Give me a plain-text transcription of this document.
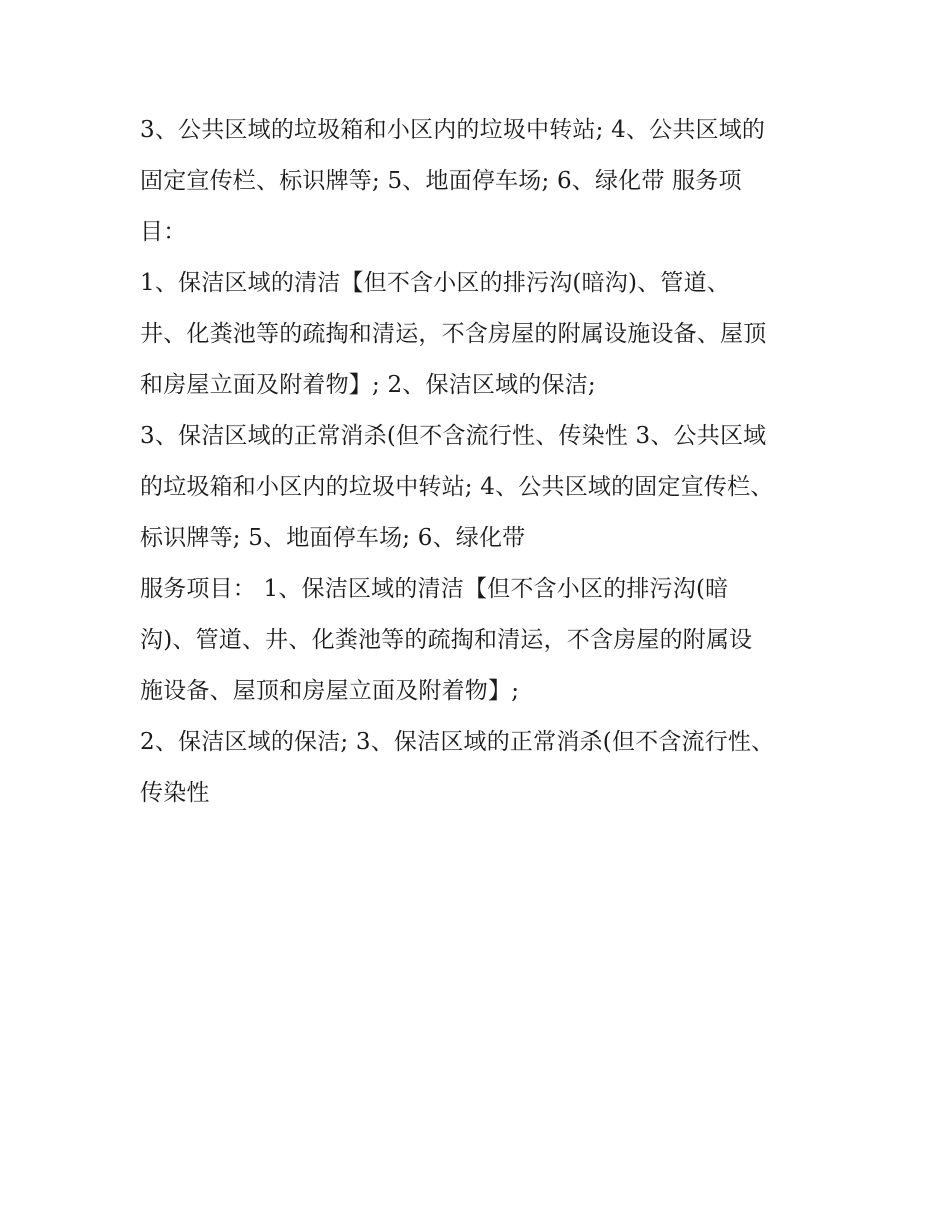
3、公共区域的垃圾箱和小区内的垃圾中转站; 4、公共区域的
固定宣传栏、标识牌等; 5、地面停车场; 6、绿化带 服务项
目：
1、保洁区域的清洁【但不含小区的排污沟(暗沟)、管道、
井、化粪池等的疏掏和清运，不含房屋的附属设施设备、屋顶
和房屋立面及附着物】; 2、保洁区域的保洁;
3、保洁区域的正常消杀(但不含流行性、传染性 3、公共区域
的垃圾箱和小区内的垃圾中转站; 4、公共区域的固定宣传栏、
标识牌等; 5、地面停车场; 6、绿化带
服务项目： 1、保洁区域的清洁【但不含小区的排污沟(暗
沟)、管道、井、化粪池等的疏掏和清运，不含房屋的附属设
施设备、屋顶和房屋立面及附着物】;
2、保洁区域的保洁; 3、保洁区域的正常消杀(但不含流行性、
传染性
